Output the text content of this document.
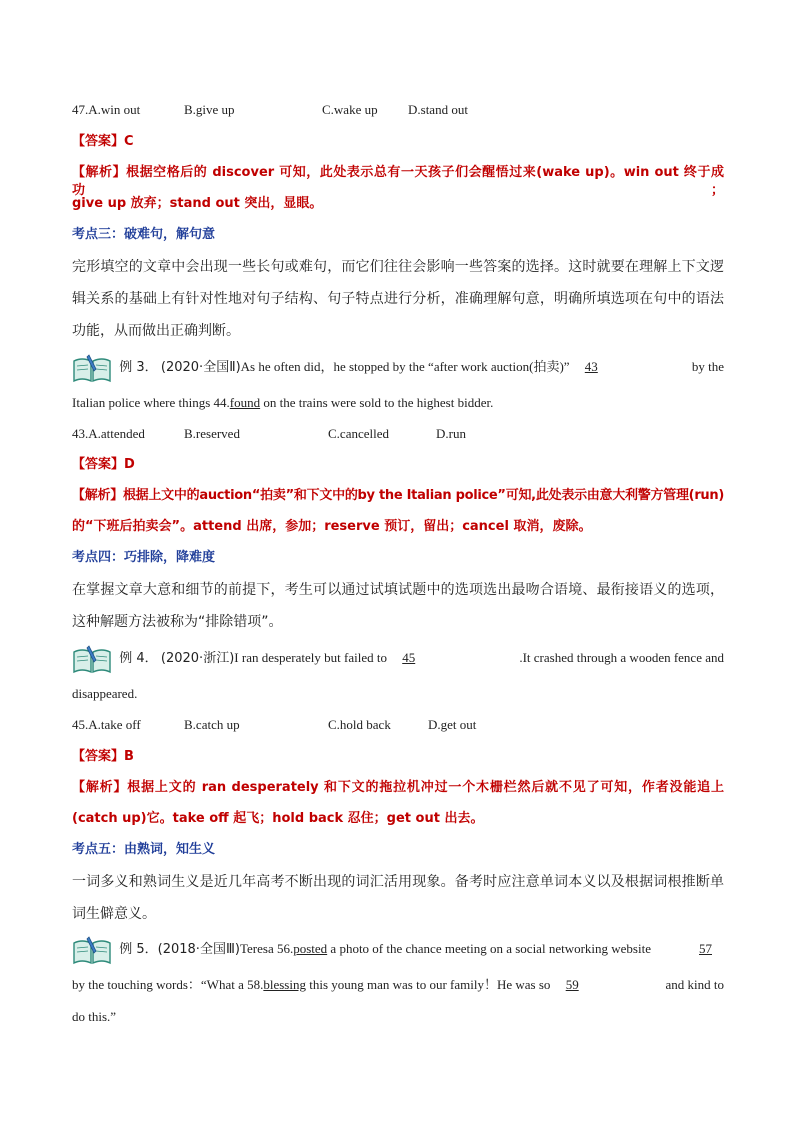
47.A.win out	B.give up	C.wake up D.stand out
【答案】C
【解析】根据空格后的 discover 可知，此处表示总有一天孩子们会醒悟过来(wake up)。win out 终于成功；
give up 放弃；stand out 突出，显眼。
考点三：破难句，解句意
完形填空的文章中会出现一些长句或难句，而它们往往会影响一些答案的选择。这时就要在理解上下文逻
辑关系的基础上有针对性地对句子结构、句子特点进行分析，准确理解句意，明确所填选项在句中的语法
功能，从而做出正确判断。
例 3． (2020·全国Ⅱ)As he often did，he stopped by the “after work auction(拍卖)” 43	by the
Italian police where things 44.found on the trains were sold to the highest bidder.
43.A.attended	B.reserved	C.cancelled	D.run
【答案】D
【解析】根据上文中的auction“拍卖”和下文中的by the Italian police”可知,此处表示由意大利警方管理(run)
的“下班后拍卖会”。attend 出席，参加；reserve 预订，留出；cancel 取消，废除。
考点四：巧排除，降难度
在掌握文章大意和细节的前提下，考生可以通过试填试题中的选项选出最吻合语境、最衔接语义的选项，
这种解题方法被称为“排除错项”。
例 4． (2020·浙江)I ran desperately but failed to 45	.It crashed through a wooden fence and
disappeared.
45.A.take off	B.catch up	C.hold back	D.get out
【答案】B
【解析】根据上文的 ran desperately 和下文的拖拉机冲过一个木栅栏然后就不见了可知，作者没能追上
(catch up)它。take off 起飞；hold back 忍住；get out 出去。
考点五：由熟词，知生义
一词多义和熟词生义是近几年高考不断出现的词汇活用现象。备考时应注意单词本义以及根据词根推断单
词生僻意义。
例 5．(2018·全国Ⅲ)Teresa 56.posted a photo of the chance meeting on a social networking website	57
by the touching words：“What a 58.blessing this young man was to our family！He was so 59	and kind to
do this.”
